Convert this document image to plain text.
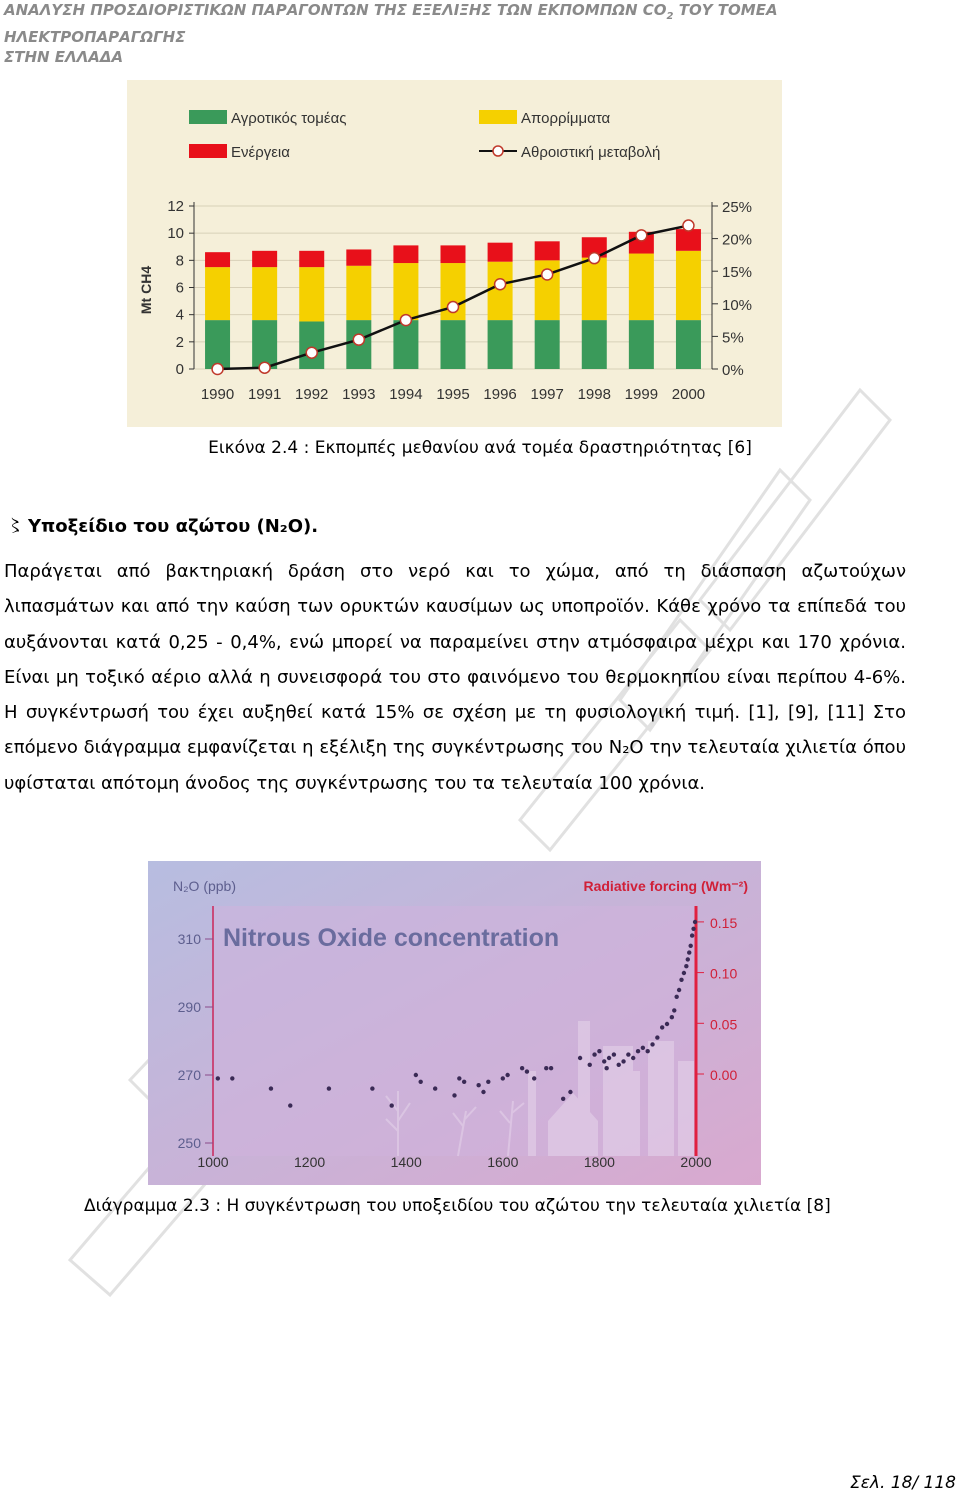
ΑΝΑΛΥΣΗ ΠΡΟΣΔΙΟΡΙΣΤΙΚΩΝ ΠΑΡΑΓΟΝΤΩΝ ΤΗΣ ΕΞΕΛΙΞΗΣ ΤΩΝ ΕΚΠΟΜΠΩΝ $CO_2$ ΤΟΥ ΤΟΜΕΑ ΗΛΕΚΤΡΟΠΑΡΑΓΩΓΗΣ
ΣΤΗΝ ΕΛΛΑΔΑ
Αγροτικός τομέας	Απορρίμματα
Ενέργεια	Αθροιστική μεταβολή
Mt CH4
0
2
4
6
8
10
12
0%
5%
10%
15%
20%
25%
1990 1991 1992 1993 1994 1995 1996 1997 1998 1999 2000
Εικόνα 2.4 : Εκπομπές μεθανίου ανά τομέα δραστηριότητας [6]
〻 Υποξείδιο του αζώτου (N₂O).
Παράγεται από βακτηριακή δράση στο νερό και το χώμα, από τη διάσπαση αζωτούχων λιπασμάτων και από την καύση των ορυκτών καυσίμων ως υποπροϊόν. Κάθε χρόνο τα επίπεδά του αυξάνονται κατά 0,25 - 0,4%, ενώ μπορεί να παραμείνει στην ατμόσφαιρα μέχρι και 170 χρόνια. Είναι μη τοξικό αέριο αλλά η συνεισφορά του στο φαινόμενο του θερμοκηπίου είναι περίπου 4-6%. Η συγκέντρωσή του έχει αυξηθεί κατά 15% σε σχέση με τη φυσιολογική τιμή. [1], [9], [11] Στο επόμενο διάγραμμα εμφανίζεται η εξέλιξη της συγκέντρωσης του N₂O την τελευταία χιλιετία όπου υφίσταται απότομη άνοδος της συγκέντρωσης του τα τελευταία 100 χρόνια.
N₂O (ppb)	Radiative forcing (Wm⁻²)
Nitrous Oxide concentration
250
270
290
310
0.00
0.05
0.10
0.15
1000	1200	1400	1600	1800	2000
Διάγραμμα 2.3 : Η συγκέντρωση του υποξειδίου του αζώτου την τελευταία χιλιετία [8]
Σελ. 18/ 118
